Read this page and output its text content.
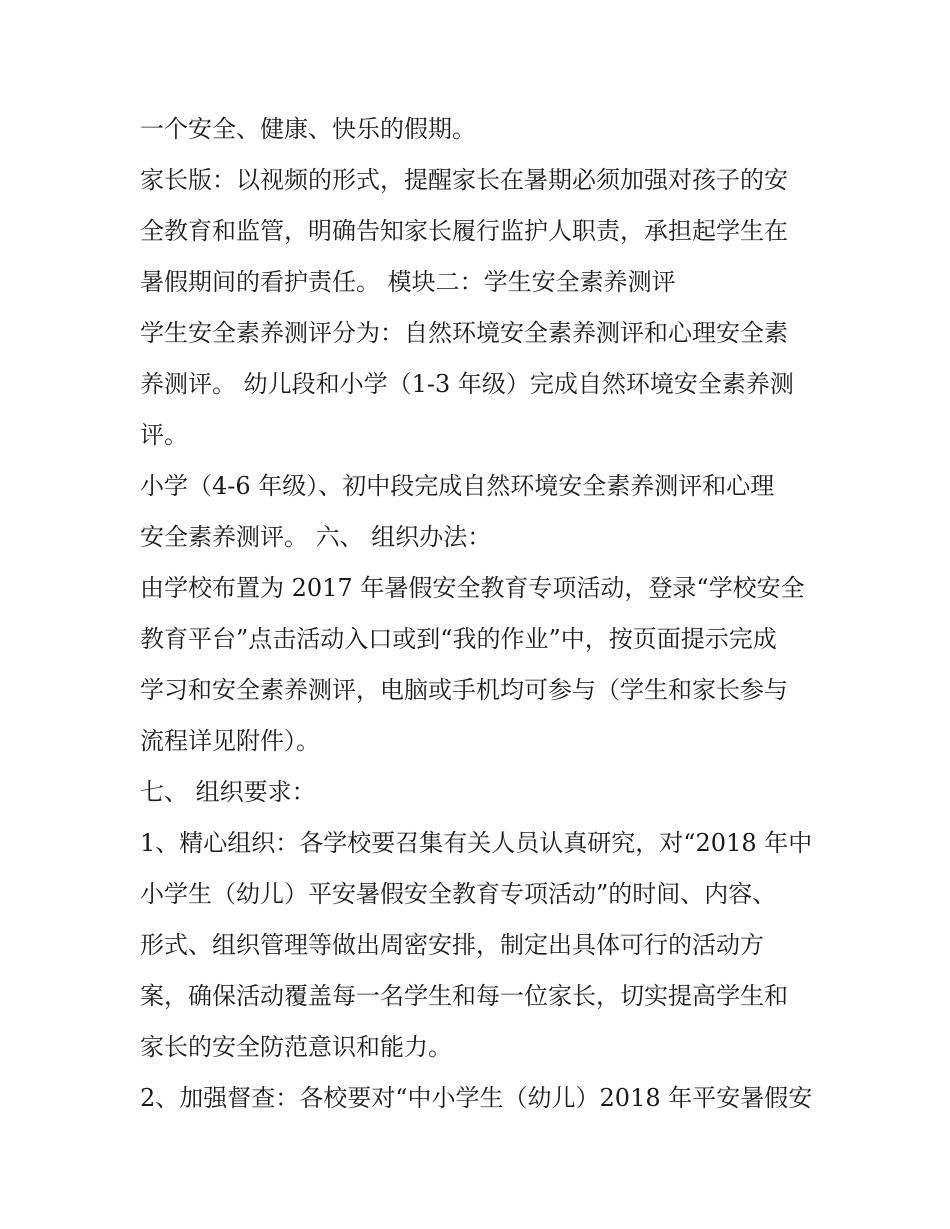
一个安全、健康、快乐的假期。
家长版：以视频的形式，提醒家长在暑期必须加强对孩子的安
全教育和监管，明确告知家长履行监护人职责，承担起学生在
暑假期间的看护责任。 模块二：学生安全素养测评
学生安全素养测评分为：自然环境安全素养测评和心理安全素
养测评。 幼儿段和小学（1-3 年级）完成自然环境安全素养测
评。
小学（4-6 年级）、初中段完成自然环境安全素养测评和心理
安全素养测评。 六、 组织办法：
由学校布置为 2017 年暑假安全教育专项活动，登录“学校安全
教育平台”点击活动入口或到“我的作业”中，按页面提示完成
学习和安全素养测评，电脑或手机均可参与（学生和家长参与
流程详见附件）。
七、 组织要求：
1、精心组织：各学校要召集有关人员认真研究，对“2018 年中
小学生（幼儿）平安暑假安全教育专项活动”的时间、内容、
形式、组织管理等做出周密安排，制定出具体可行的活动方
案，确保活动覆盖每一名学生和每一位家长，切实提高学生和
家长的安全防范意识和能力。
2、加强督查：各校要对“中小学生（幼儿）2018 年平安暑假安
